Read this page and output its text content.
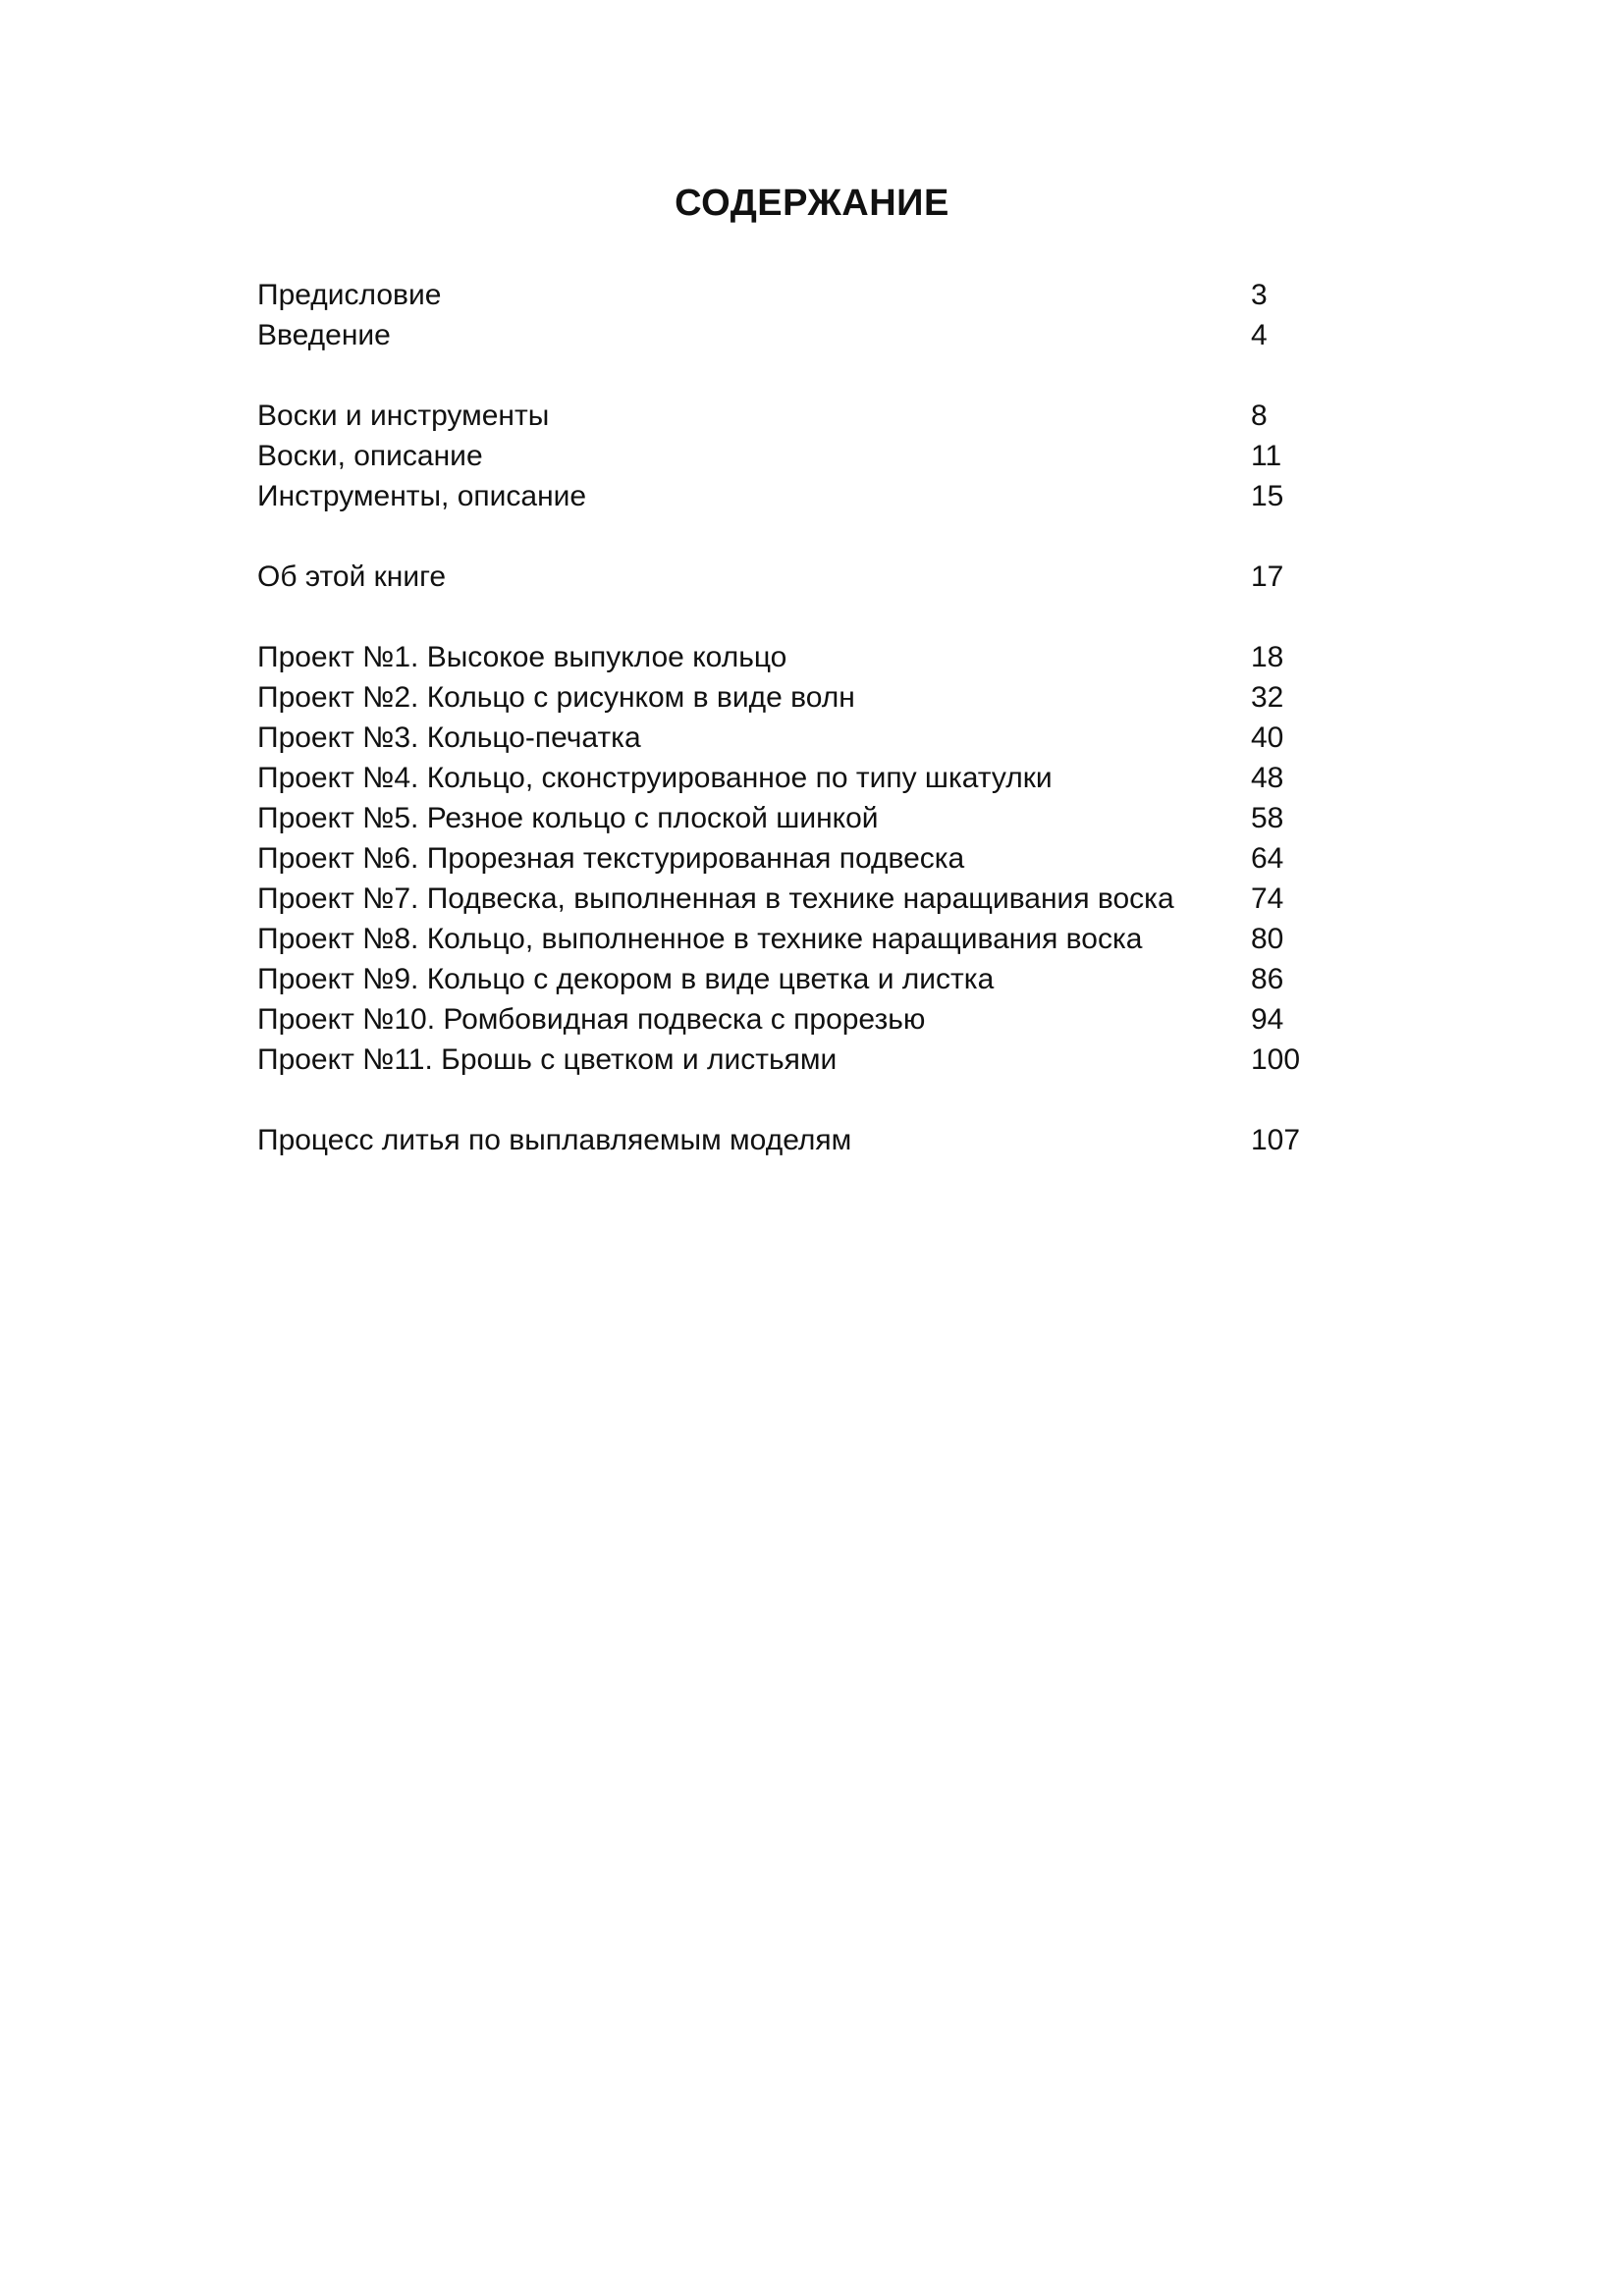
СОДЕРЖАНИЕ
Предисловие	3
Введение	4
Воски и инструменты	8
Воски, описание	11
Инструменты, описание	15
Об этой книге	17
Проект №1. Высокое выпуклое кольцо	18
Проект №2. Кольцо с рисунком в виде волн	32
Проект №3. Кольцо-печатка	40
Проект №4. Кольцо, сконструированное по типу шкатулки	48
Проект №5. Резное кольцо с плоской шинкой	58
Проект №6. Прорезная текстурированная подвеска	64
Проект №7. Подвеска, выполненная в технике наращивания воска	74
Проект №8. Кольцо, выполненное в технике наращивания воска	80
Проект №9. Кольцо с декором в виде цветка и листка	86
Проект №10. Ромбовидная подвеска с прорезью	94
Проект №11. Брошь с цветком и листьями	100
Процесс литья по выплавляемым моделям	107
